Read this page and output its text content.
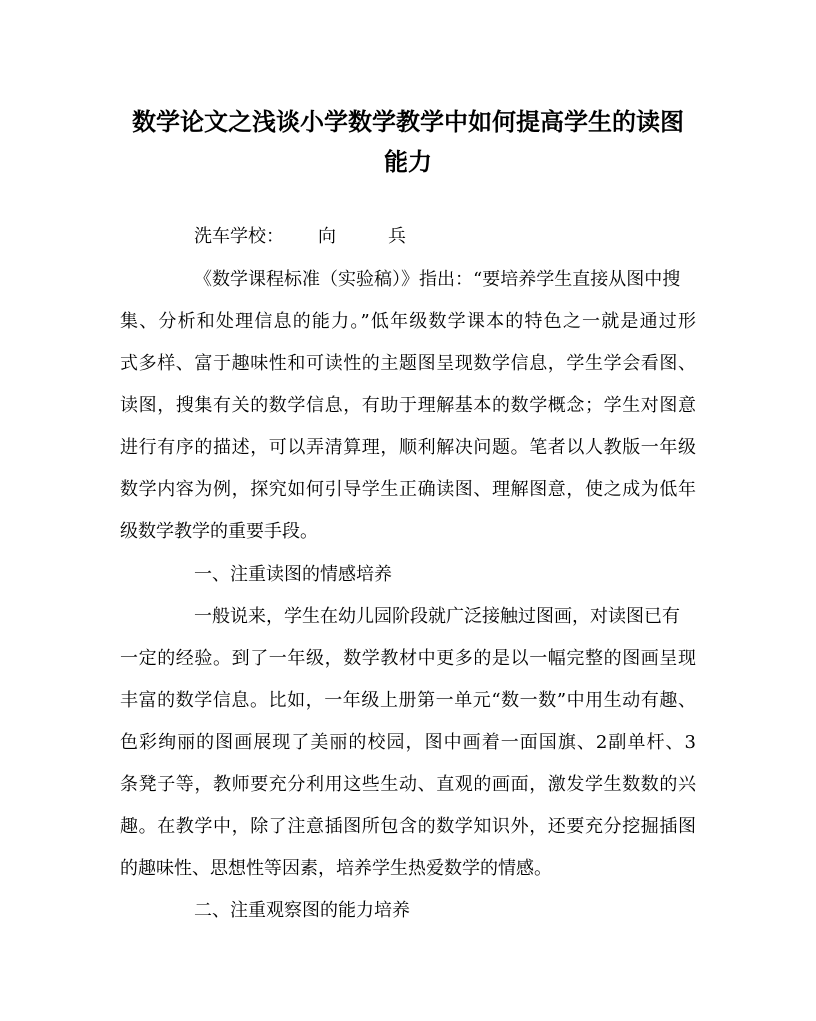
数学论文之浅谈小学数学教学中如何提高学生的读图
能力

洗车学校： 向	兵

《数学课程标准（实验稿）》指出：“要培养学生直接从图中搜

集、分析和处理信息的能力。”低年级数学课本的特色之一就是通过形

式多样、富于趣味性和可读性的主题图呈现数学信息，学生学会看图、

读图，搜集有关的数学信息，有助于理解基本的数学概念；学生对图意

进行有序的描述，可以弄清算理，顺利解决问题。笔者以人教版一年级

数学内容为例，探究如何引导学生正确读图、理解图意，使之成为低年

级数学教学的重要手段。

一、注重读图的情感培养

一般说来，学生在幼儿园阶段就广泛接触过图画，对读图已有

一定的经验。到了一年级，数学教材中更多的是以一幅完整的图画呈现

丰富的数学信息。比如，一年级上册第一单元“数一数”中用生动有趣、

色彩绚丽的图画展现了美丽的校园，图中画着一面国旗、2副单杆、3

条凳子等，教师要充分利用这些生动、直观的画面，激发学生数数的兴

趣。在教学中，除了注意插图所包含的数学知识外，还要充分挖掘插图

的趣味性、思想性等因素，培养学生热爱数学的情感。

二、注重观察图的能力培养
